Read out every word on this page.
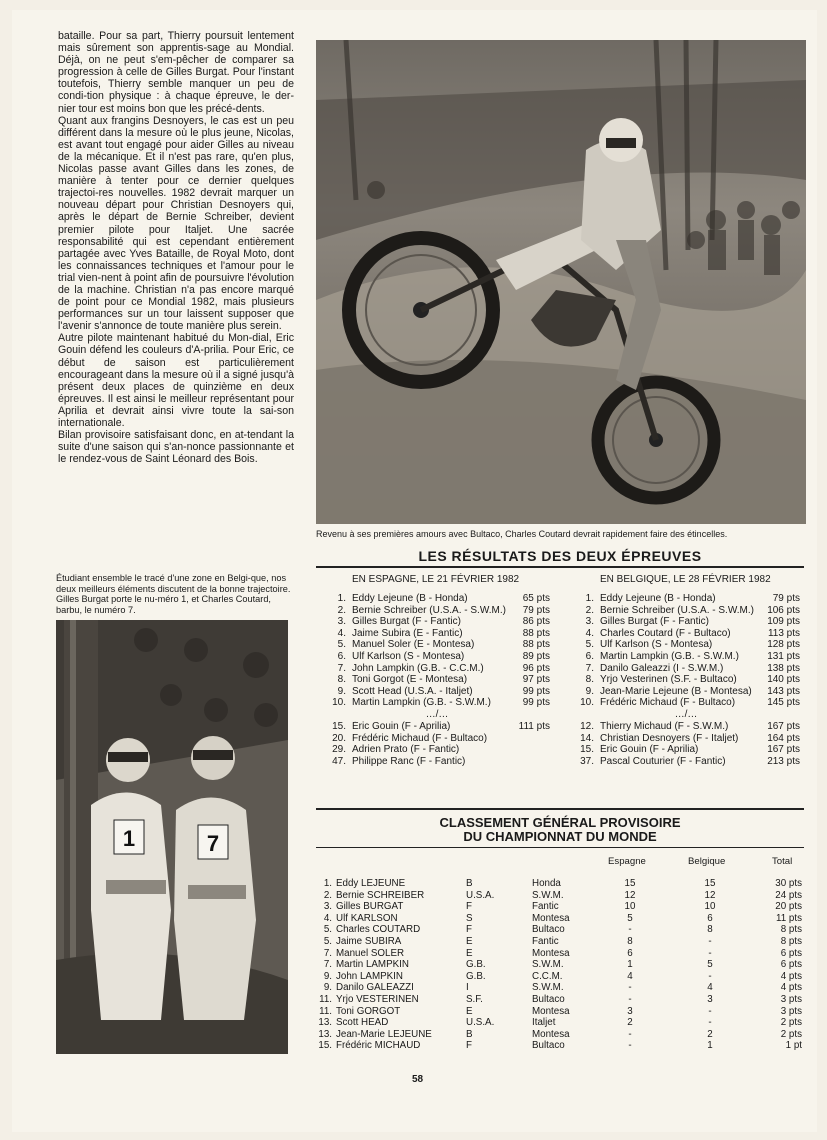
bataille. Pour sa part, Thierry poursuit lentement mais sûrement son apprentis-sage au Mondial. Déjà, on ne peut s'em-pêcher de comparer sa progression à celle de Gilles Burgat. Pour l'instant toutefois, Thierry semble manquer un peu de condi-tion physique : à chaque épreuve, le der-nier tour est moins bon que les précé-dents.

Quant aux frangins Desnoyers, le cas est un peu différent dans la mesure où le plus jeune, Nicolas, est avant tout engagé pour aider Gilles au niveau de la mécanique. Et il n'est pas rare, qu'en plus, Nicolas passe avant Gilles dans les zones, de manière à tenter pour ce dernier quelques trajectoi-res nouvelles. 1982 devrait marquer un nouveau départ pour Christian Desnoyers qui, après le départ de Bernie Schreiber, devient premier pilote pour Italjet. Une sacrée responsabilité qui est cependant entièrement partagée avec Yves Bataille, de Royal Moto, dont les connaissances techniques et l'amour pour le trial vien-nent à point afin de poursuivre l'évolution de la machine. Christian n'a pas encore marqué de point pour ce Mondial 1982, mais plusieurs performances sur un tour laissent supposer que l'avenir s'annonce de toute manière plus serein.

Autre pilote maintenant habitué du Mon-dial, Eric Gouin défend les couleurs d'A-prilia. Pour Eric, ce début de saison est particulièrement encourageant dans la mesure où il a signé jusqu'à présent deux places de quinzième en deux épreuves. Il est ainsi le meilleur représentant pour Aprilia et devrait ainsi vivre toute la sai-son internationale.

Bilan provisoire satisfaisant donc, en at-tendant la suite d'une saison qui s'an-nonce passionnante et le rendez-vous de Saint Léonard des Bois.

Revenu à ses premières amours avec Bultaco, Charles Coutard devrait rapidement faire des étincelles.
Étudiant ensemble le tracé d'une zone en Belgi-que, nos deux meilleurs éléments discutent de la bonne trajectoire. Gilles Burgat porte le nu-méro 1, et Charles Coutard, barbu, le numéro 7.
1	7
LES RÉSULTATS DES DEUX ÉPREUVES
EN ESPAGNE, LE 21 FÉVRIER 1982
1. Eddy Lejeune (B - Honda)	65 pts
2. Bernie Schreiber (U.S.A. - S.W.M.)	79 pts
3. Gilles Burgat (F - Fantic)	86 pts
4. Jaime Subira (E - Fantic)	88 pts
5. Manuel Soler (E - Montesa)	88 pts
6. Ulf Karlson (S - Montesa)	89 pts
7. John Lampkin (G.B. - C.C.M.)	96 pts
8. Toni Gorgot (E - Montesa)	97 pts
9. Scott Head (U.S.A. - Italjet)	99 pts
10. Martin Lampkin (G.B. - S.W.M.)	99 pts
…/…
15. Éric Gouin (F - Aprilia)	111 pts
20. Frédéric Michaud (F - Bultaco)
29. Adrien Prato (F - Fantic)
47. Philippe Ranc (F - Fantic)
EN BELGIQUE, LE 28 FÉVRIER 1982
1. Eddy Lejeune (B - Honda)	79 pts
2. Bernie Schreiber (U.S.A. - S.W.M.)	106 pts
3. Gilles Burgat (F - Fantic)	109 pts
4. Charles Coutard (F - Bultaco)	113 pts
5. Ulf Karlson (S - Montesa)	128 pts
6. Martin Lampkin (G.B. - S.W.M.)	131 pts
7. Danilo Galeazzi (I - S.W.M.)	138 pts
8. Yrjo Vesterinen (S.F. - Bultaco)	140 pts
9. Jean-Marie Lejeune (B - Montesa)	143 pts
10. Frédéric Michaud (F - Bultaco)	145 pts
…/…
12. Thierry Michaud (F - S.W.M.)	167 pts
14. Christian Desnoyers (F - Italjet)	164 pts
15. Éric Gouin (F - Aprilia)	167 pts
37. Pascal Couturier (F - Fantic)	213 pts
CLASSEMENT GÉNÉRAL PROVISOIRE
DU CHAMPIONNAT DU MONDE
Espagne	Belgique	Total
1. Eddy LEJEUNE	B	Honda	15	15	30 pts
2. Bernie SCHREIBER	U.S.A.	S.W.M.	12	12	24 pts
3. Gilles BURGAT	F	Fantic	10	10	20 pts
4. Ulf KARLSON	S	Montesa	5	6	11 pts
5. Charles COUTARD	F	Bultaco	-	8	8 pts
5. Jaime SUBIRA	E	Fantic	8	-	8 pts
7. Manuel SOLER	E	Montesa	6	-	6 pts
7. Martin LAMPKIN	G.B.	S.W.M.	1	5	6 pts
9. John LAMPKIN	G.B.	C.C.M.	4	-	4 pts
9. Danilo GALEAZZI	I	S.W.M.	-	4	4 pts
11. Yrjo VESTERINEN	S.F.	Bultaco	-	3	3 pts
11. Toni GORGOT	E	Montesa	3	-	3 pts
13. Scott HEAD	U.S.A.	Italjet	2	-	2 pts
13. Jean-Marie LEJEUNE	B	Montesa	-	2	2 pts
15. Frédéric MICHAUD	F	Bultaco	-	1	1 pt
58
